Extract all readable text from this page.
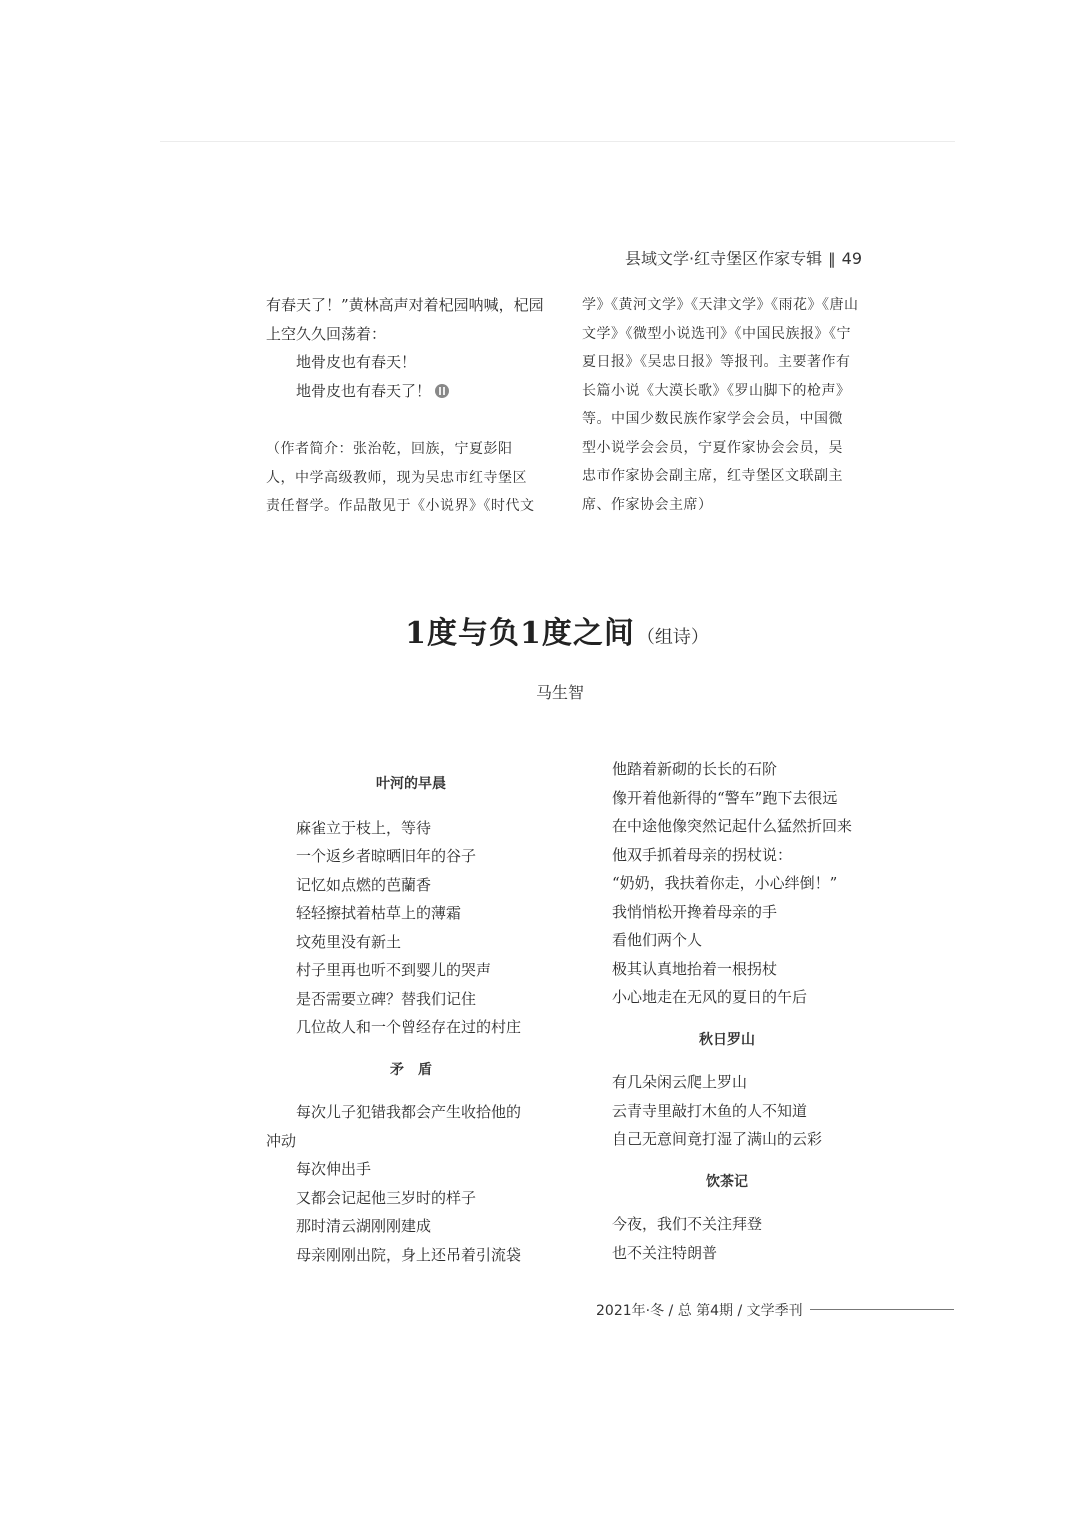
县域文学·红寺堡区作家专辑 ‖ 49

有春天了！”黄林高声对着杞园呐喊，杞园

上空久久回荡着：

地骨皮也有春天！

地骨皮也有春天了！

（作者简介：张治乾，回族，宁夏彭阳

人，中学高级教师，现为吴忠市红寺堡区

责任督学。作品散见于《小说界》《时代文

学》《黄河文学》《天津文学》《雨花》《唐山

文学》《微型小说选刊》《中国民族报》《宁

夏日报》《吴忠日报》等报刊。主要著作有

长篇小说《大漠长歌》《罗山脚下的枪声》

等。中国少数民族作家学会会员，中国微

型小说学会会员，宁夏作家协会会员，吴

忠市作家协会副主席，红寺堡区文联副主

席、作家协会主席）

1度与负1度之间 （组诗）
马生智

叶河的早晨

麻雀立于枝上，等待

一个返乡者晾晒旧年的谷子

记忆如点燃的芭蘭香

轻轻擦拭着枯草上的薄霜

坟苑里没有新土

村子里再也听不到婴儿的哭声

是否需要立碑？替我们记住

几位故人和一个曾经存在过的村庄

矛　盾

每次儿子犯错我都会产生收拾他的

冲动

每次伸出手

又都会记起他三岁时的样子

那时清云湖刚刚建成

母亲刚刚出院，身上还吊着引流袋

他踏着新砌的长长的石阶

像开着他新得的“警车”跑下去很远

在中途他像突然记起什么猛然折回来

他双手抓着母亲的拐杖说：

“奶奶，我扶着你走，小心绊倒！”

我悄悄松开搀着母亲的手

看他们两个人

极其认真地抬着一根拐杖

小心地走在无风的夏日的午后

秋日罗山

有几朵闲云爬上罗山

云青寺里敲打木鱼的人不知道

自己无意间竟打湿了满山的云彩

饮茶记

今夜，我们不关注拜登

也不关注特朗普

2021年·冬 / 总 第4期 / 文学季刊
